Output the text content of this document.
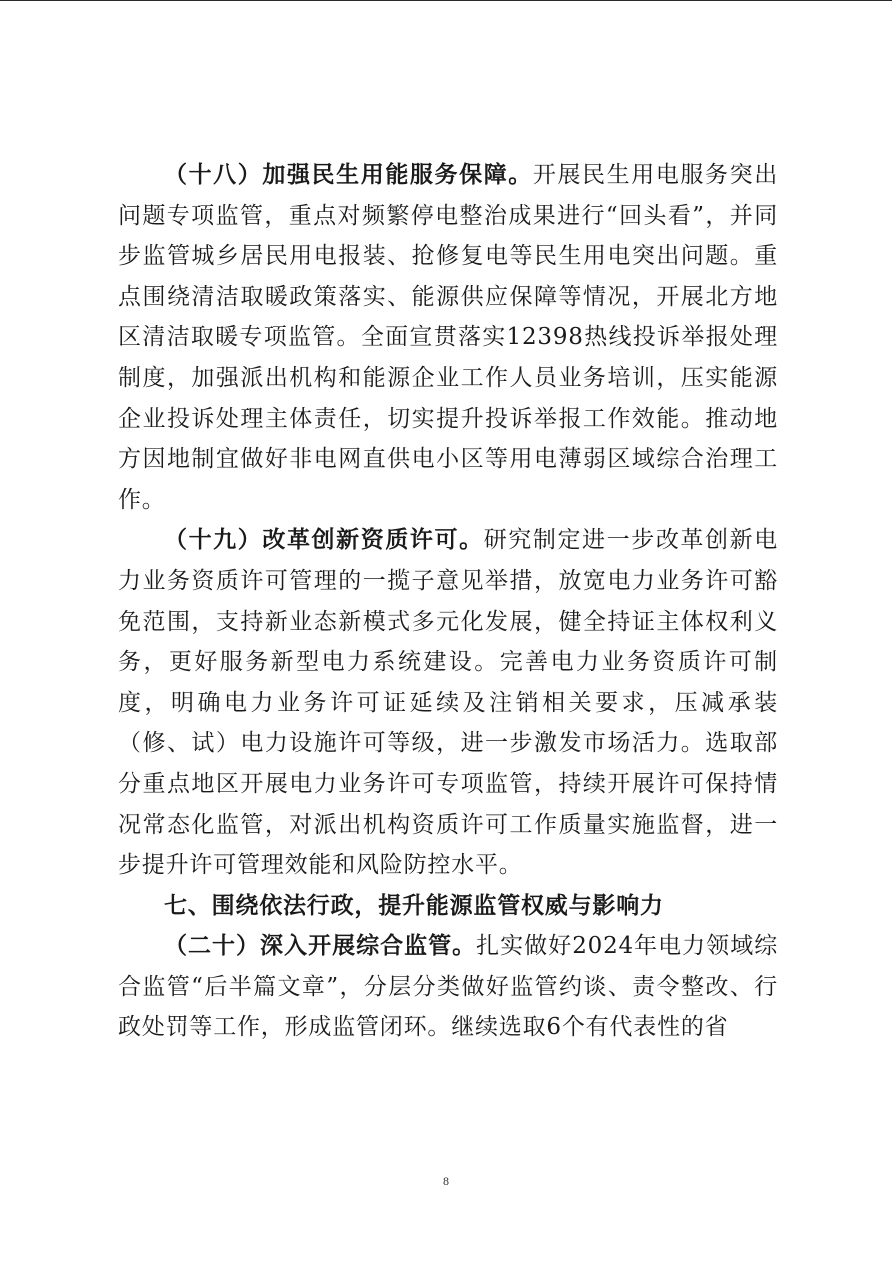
（十八）加强民生用能服务保障。开展民生用电服务突出问题专项监管，重点对频繁停电整治成果进行“回头看”，并同步监管城乡居民用电报装、抢修复电等民生用电突出问题。重点围绕清洁取暖政策落实、能源供应保障等情况，开展北方地区清洁取暖专项监管。全面宣贯落实12398热线投诉举报处理制度，加强派出机构和能源企业工作人员业务培训，压实能源企业投诉处理主体责任，切实提升投诉举报工作效能。推动地方因地制宜做好非电网直供电小区等用电薄弱区域综合治理工作。

（十九）改革创新资质许可。研究制定进一步改革创新电力业务资质许可管理的一揽子意见举措，放宽电力业务许可豁免范围，支持新业态新模式多元化发展，健全持证主体权利义务，更好服务新型电力系统建设。完善电力业务资质许可制度，明确电力业务许可证延续及注销相关要求，压减承装（修、试）电力设施许可等级，进一步激发市场活力。选取部分重点地区开展电力业务许可专项监管，持续开展许可保持情况常态化监管，对派出机构资质许可工作质量实施监督，进一步提升许可管理效能和风险防控水平。

七、围绕依法行政，提升能源监管权威与影响力

（二十）深入开展综合监管。扎实做好2024年电力领域综合监管“后半篇文章”，分层分类做好监管约谈、责令整改、行政处罚等工作，形成监管闭环。继续选取6个有代表性的省

8
